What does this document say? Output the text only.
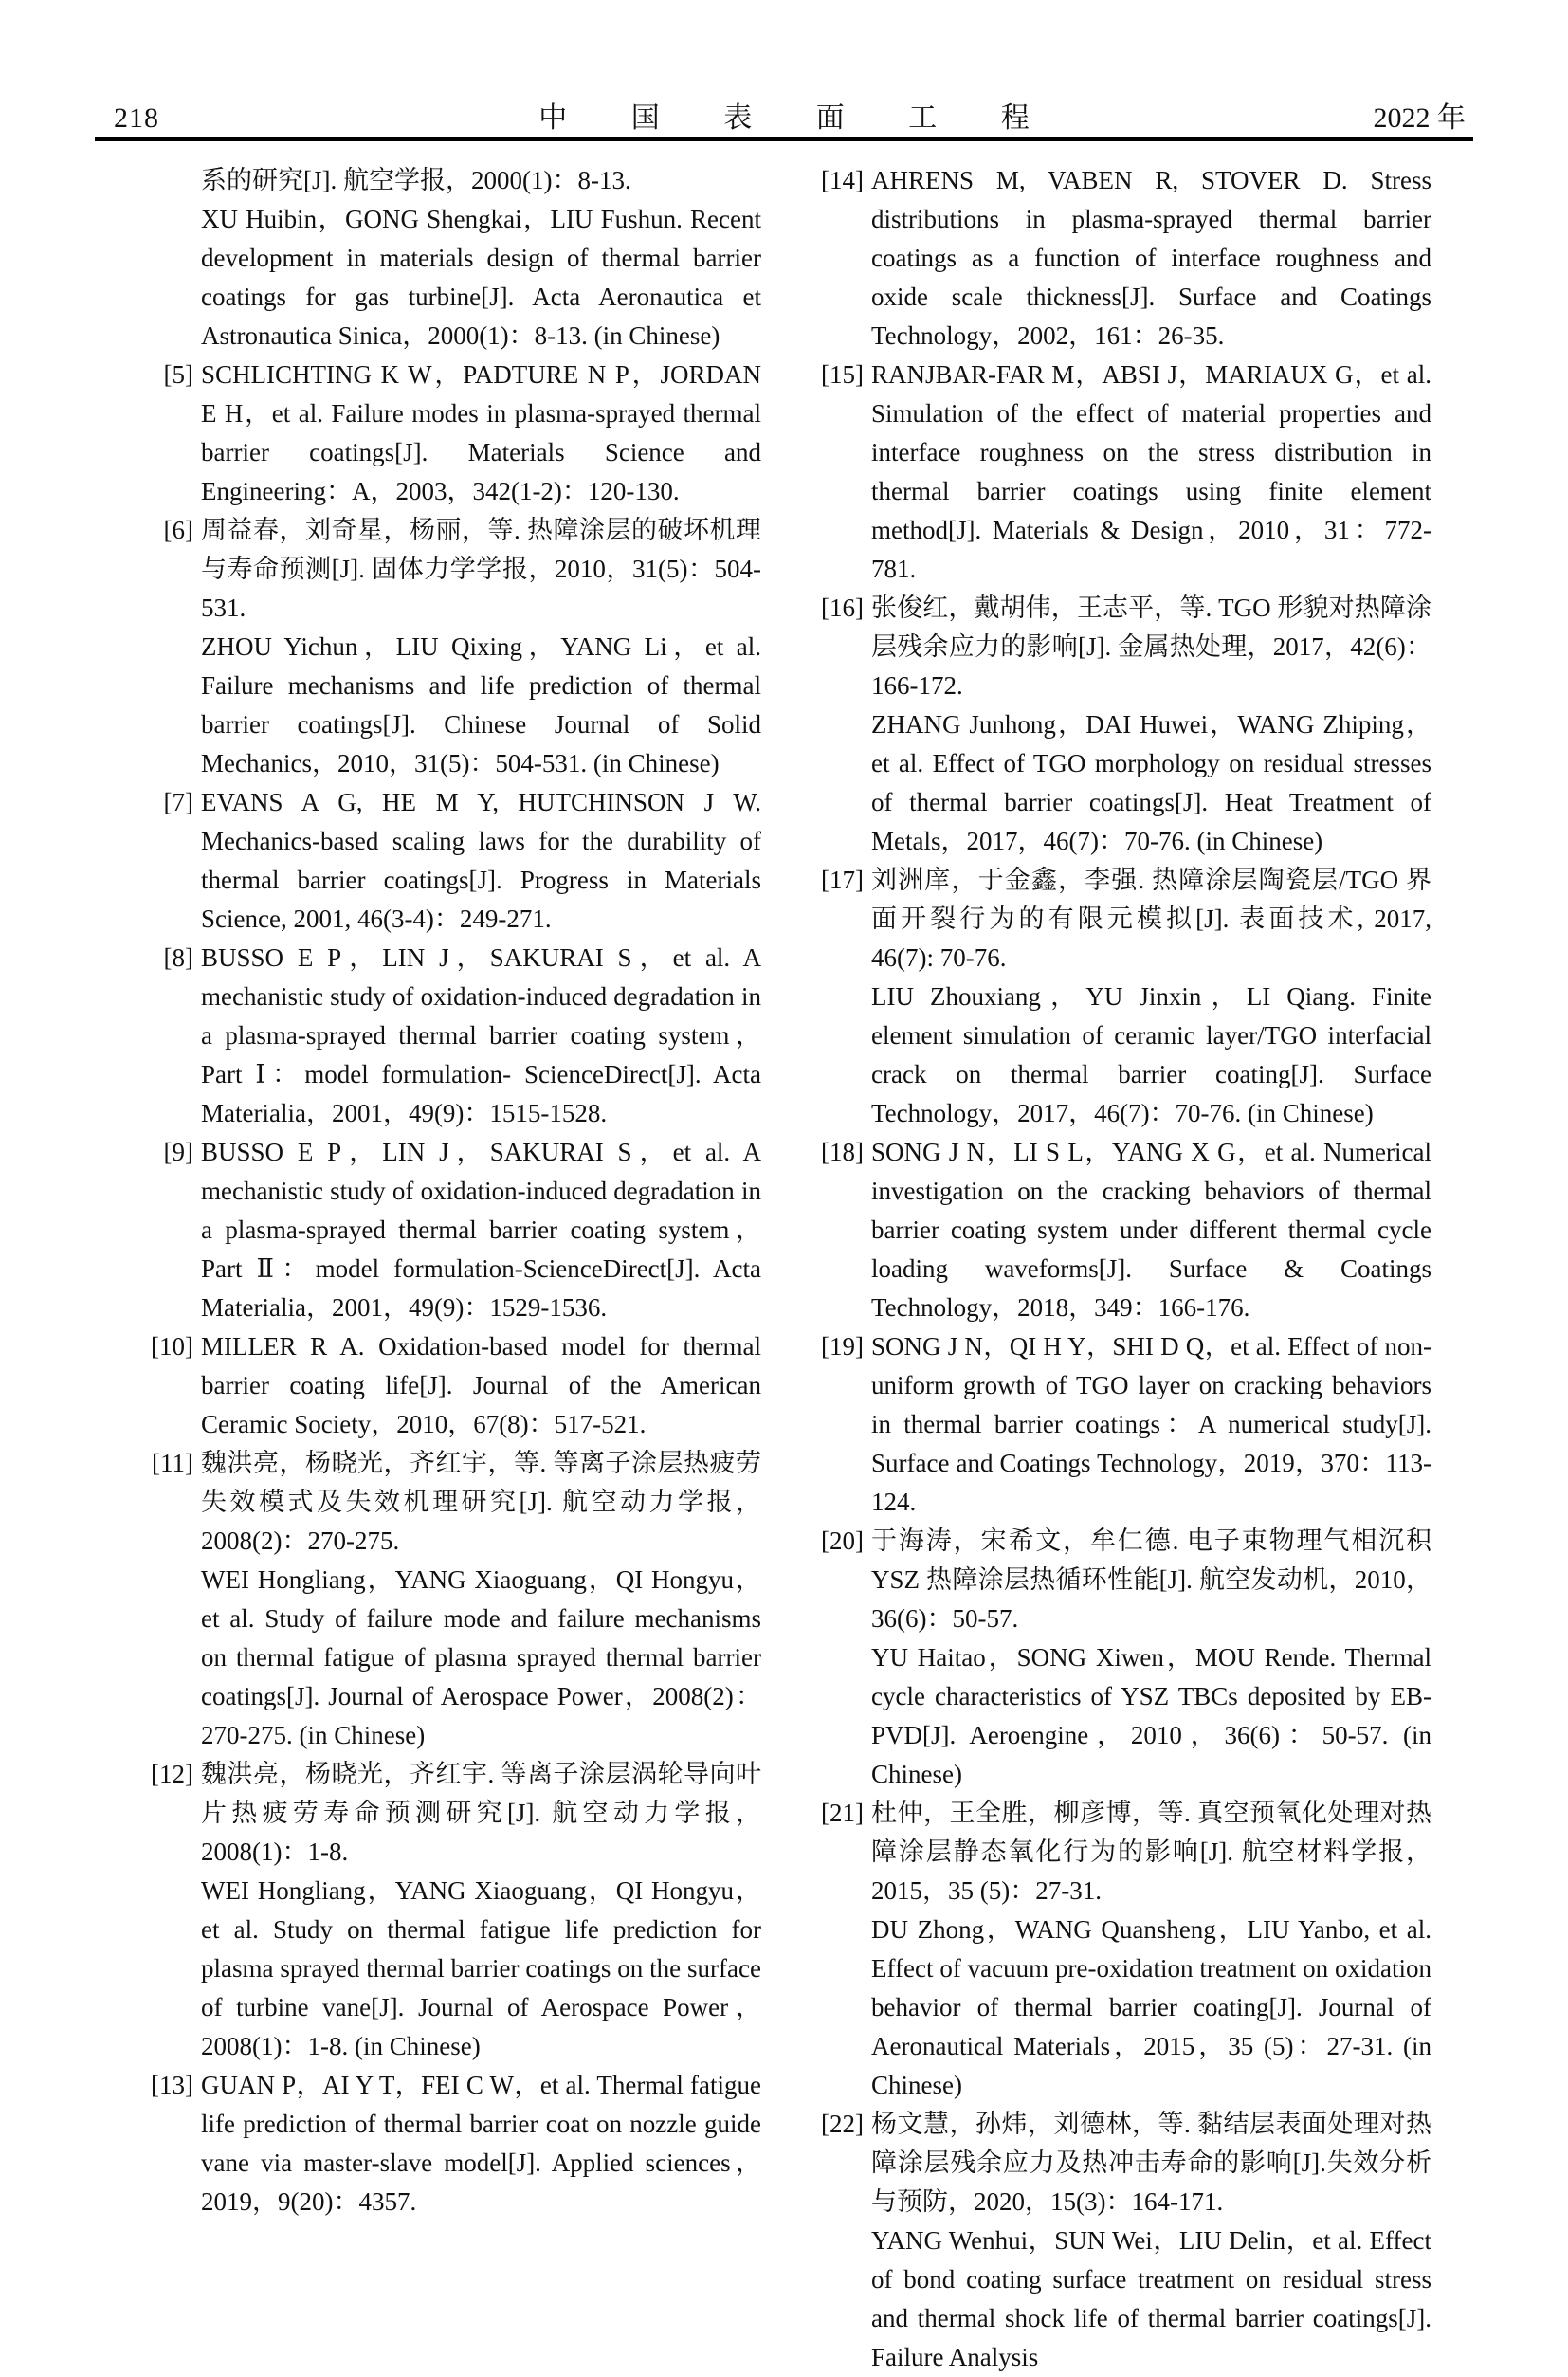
218	中 国 表 面 工 程	2022 年

系的研究[J]. 航空学报，2000(1)：8-13.

XU Huibin，GONG Shengkai，LIU Fushun. Recent development in materials design of thermal barrier coatings for gas turbine[J]. Acta Aeronautica et Astronautica Sinica，2000(1)：8-13. (in Chinese)

[5] SCHLICHTING K W，PADTURE N P，JORDAN E H，et al. Failure modes in plasma-sprayed thermal barrier coatings[J]. Materials Science and Engineering：A，2003，342(1-2)：120-130.

[6] 周益春，刘奇星，杨丽，等. 热障涂层的破坏机理与寿命预测[J]. 固体力学学报，2010，31(5)：504-531.

ZHOU Yichun，LIU Qixing，YANG Li，et al. Failure mechanisms and life prediction of thermal barrier coatings[J]. Chinese Journal of Solid Mechanics，2010，31(5)：504-531. (in Chinese)

[7] EVANS A G, HE M Y, HUTCHINSON J W. Mechanics-based scaling laws for the durability of thermal barrier coatings[J]. Progress in Materials Science, 2001, 46(3-4)：249-271.

[8] BUSSO E P，LIN J，SAKURAI S，et al. A mechanistic study of oxidation-induced degradation in a plasma-sprayed thermal barrier coating system，Part Ⅰ：model formulation- ScienceDirect[J]. Acta Materialia，2001，49(9)：1515-1528.

[9] BUSSO E P，LIN J，SAKURAI S，et al. A mechanistic study of oxidation-induced degradation in a plasma-sprayed thermal barrier coating system，Part Ⅱ：model formulation-ScienceDirect[J]. Acta Materialia，2001，49(9)：1529-1536.

[10] MILLER R A. Oxidation-based model for thermal barrier coating life[J]. Journal of the American Ceramic Society，2010，67(8)：517-521.

[11] 魏洪亮，杨晓光，齐红宇，等. 等离子涂层热疲劳失效模式及失效机理研究[J]. 航空动力学报，2008(2)：270-275.

WEI Hongliang，YANG Xiaoguang，QI Hongyu，et al. Study of failure mode and failure mechanisms on thermal fatigue of plasma sprayed thermal barrier coatings[J]. Journal of Aerospace Power，2008(2)：270-275. (in Chinese)

[12] 魏洪亮，杨晓光，齐红宇. 等离子涂层涡轮导向叶片热疲劳寿命预测研究[J]. 航空动力学报，2008(1)：1-8.

WEI Hongliang，YANG Xiaoguang，QI Hongyu，et al. Study on thermal fatigue life prediction for plasma sprayed thermal barrier coatings on the surface of turbine vane[J]. Journal of Aerospace Power，2008(1)：1-8. (in Chinese)

[13] GUAN P，AI Y T，FEI C W，et al. Thermal fatigue life prediction of thermal barrier coat on nozzle guide vane via master-slave model[J]. Applied sciences，2019，9(20)：4357.

[14] AHRENS M, VABEN R, STOVER D. Stress distributions in plasma-sprayed thermal barrier coatings as a function of interface roughness and oxide scale thickness[J]. Surface and Coatings Technology，2002，161：26-35.

[15] RANJBAR-FAR M，ABSI J，MARIAUX G，et al. Simulation of the effect of material properties and interface roughness on the stress distribution in thermal barrier coatings using finite element method[J]. Materials & Design，2010，31：772-781.

[16] 张俊红，戴胡伟，王志平，等. TGO 形貌对热障涂层残余应力的影响[J]. 金属热处理，2017，42(6)：166-172.

ZHANG Junhong，DAI Huwei，WANG Zhiping，et al. Effect of TGO morphology on residual stresses of thermal barrier coatings[J]. Heat Treatment of Metals，2017，46(7)：70-76. (in Chinese)

[17] 刘洲庠，于金鑫，李强. 热障涂层陶瓷层/TGO 界面开裂行为的有限元模拟[J]. 表面技术, 2017, 46(7): 70-76.

LIU Zhouxiang，YU Jinxin，LI Qiang. Finite element simulation of ceramic layer/TGO interfacial crack on thermal barrier coating[J]. Surface Technology，2017，46(7)：70-76. (in Chinese)

[18] SONG J N，LI S L，YANG X G，et al. Numerical investigation on the cracking behaviors of thermal barrier coating system under different thermal cycle loading waveforms[J]. Surface & Coatings Technology，2018，349：166-176.

[19] SONG J N，QI H Y，SHI D Q，et al. Effect of non-uniform growth of TGO layer on cracking behaviors in thermal barrier coatings：A numerical study[J]. Surface and Coatings Technology，2019，370：113-124.

[20] 于海涛，宋希文，牟仁德. 电子束物理气相沉积 YSZ 热障涂层热循环性能[J]. 航空发动机，2010，36(6)：50-57.

YU Haitao，SONG Xiwen，MOU Rende. Thermal cycle characteristics of YSZ TBCs deposited by EB-PVD[J]. Aeroengine，2010，36(6)：50-57. (in Chinese)

[21] 杜仲，王全胜，柳彦博，等. 真空预氧化处理对热障涂层静态氧化行为的影响[J]. 航空材料学报，2015，35 (5)：27-31.

DU Zhong，WANG Quansheng，LIU Yanbo, et al. Effect of vacuum pre-oxidation treatment on oxidation behavior of thermal barrier coating[J]. Journal of Aeronautical Materials，2015，35 (5)：27-31. (in Chinese)

[22] 杨文慧，孙炜，刘德林，等. 黏结层表面处理对热障涂层残余应力及热冲击寿命的影响[J].失效分析与预防，2020，15(3)：164-171.

YANG Wenhui，SUN Wei，LIU Delin，et al. Effect of bond coating surface treatment on residual stress and thermal shock life of thermal barrier coatings[J]. Failure Analysis
